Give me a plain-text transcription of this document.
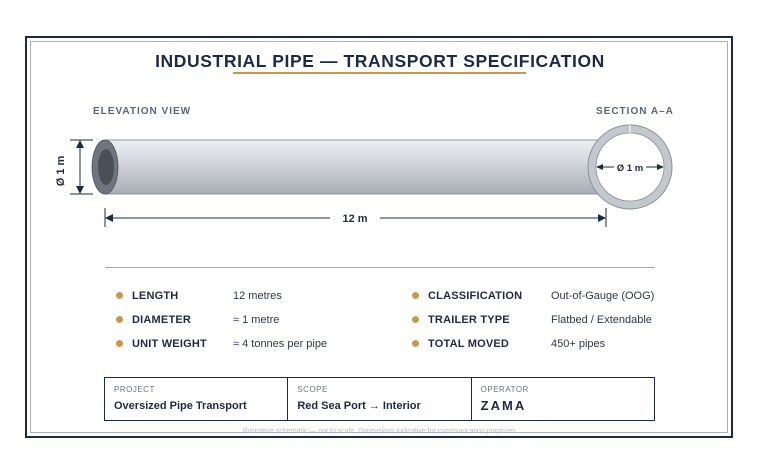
INDUSTRIAL PIPE — TRANSPORT SPECIFICATION
ELEVATION VIEW	SECTION A–A
Ø 1 m
12 m
Ø 1 m
LENGTH	12 metres
DIAMETER	≈ 1 metre
UNIT WEIGHT ≈ 4 tonnes per pipe
CLASSIFICATION	Out-of-Gauge (OOG)
TRAILER TYPE	Flatbed / Extendable
TOTAL MOVED	450+ pipes
PROJECT
Oversized Pipe Transport
SCOPE
Red Sea Port → Interior
OPERATOR
ZAMA
Illustrative schematic — not to scale. Dimensions indicative for communication purposes.
